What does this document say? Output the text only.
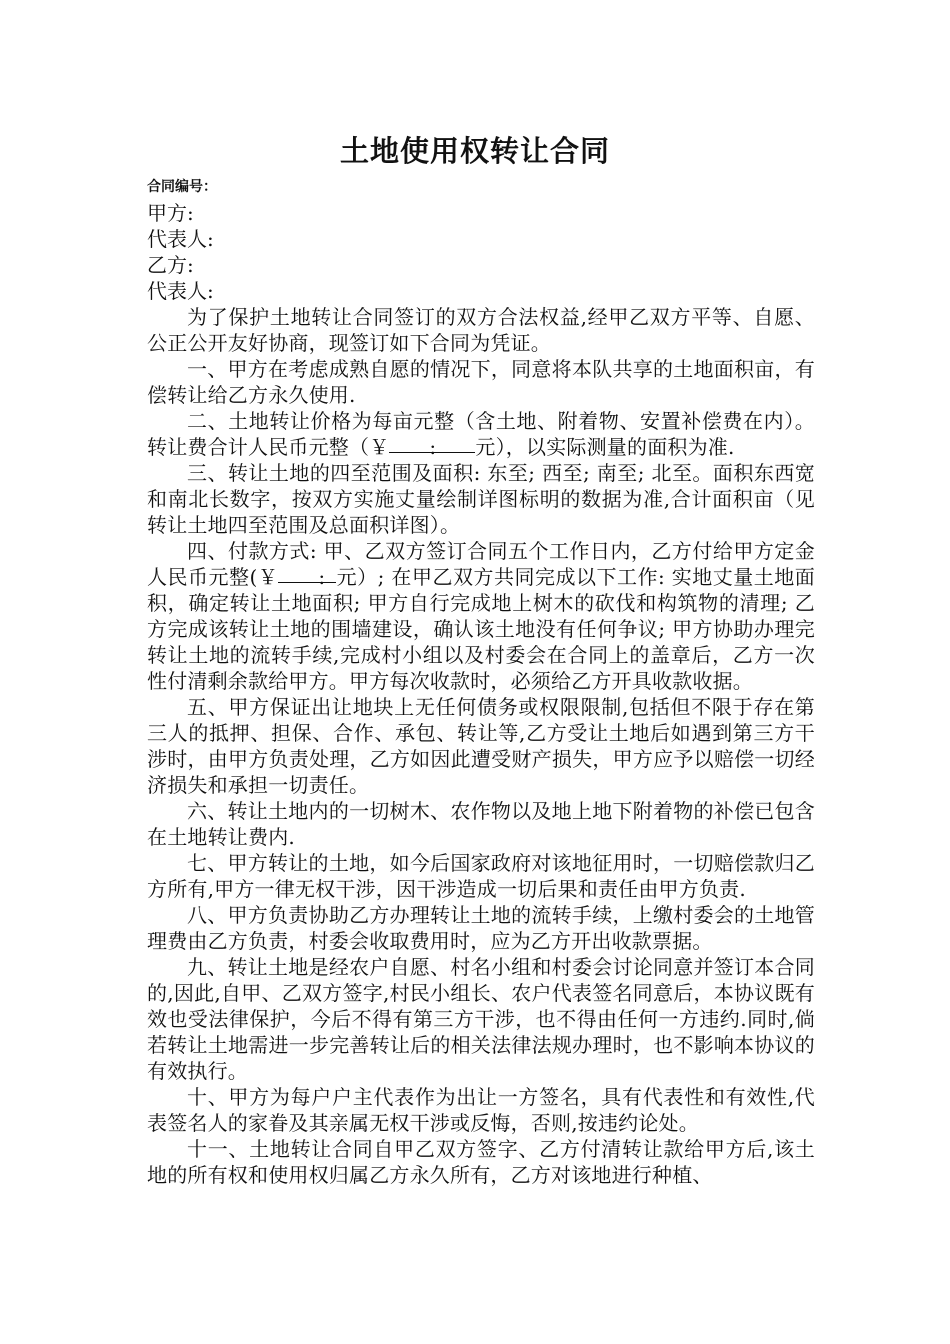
土地使用权转让合同
合同编号：

甲方:

代表人:

乙方:

代表人:

为了保护土地转让合同签订的双方合法权益,经甲乙双方平等、自愿、公正公开友好协商，现签订如下合同为凭证。

一、甲方在考虑成熟自愿的情况下，同意将本队共享的土地面积亩，有偿转让给乙方永久使用.

二、土地转让价格为每亩元整（含土地、附着物、安置补偿费在内）。转让费合计人民币元整（￥ : 元），以实际测量的面积为准.

三、转让土地的四至范围及面积: 东至; 西至; 南至; 北至。面积东西宽和南北长数字，按双方实施丈量绘制详图标明的数据为准,合计面积亩（见转让土地四至范围及总面积详图）。

四、付款方式: 甲、乙双方签订合同五个工作日内，乙方付给甲方定金人民币元整(￥ : 元）; 在甲乙双方共同完成以下工作: 实地丈量土地面积，确定转让土地面积; 甲方自行完成地上树木的砍伐和构筑物的清理; 乙方完成该转让土地的围墙建设，确认该土地没有任何争议; 甲方协助办理完转让土地的流转手续,完成村小组以及村委会在合同上的盖章后，乙方一次性付清剩余款给甲方。甲方每次收款时，必须给乙方开具收款收据。

五、甲方保证出让地块上无任何债务或权限限制,包括但不限于存在第三人的抵押、担保、合作、承包、转让等,乙方受让土地后如遇到第三方干涉时，由甲方负责处理，乙方如因此遭受财产损失，甲方应予以赔偿一切经济损失和承担一切责任。

六、转让土地内的一切树木、农作物以及地上地下附着物的补偿已包含在土地转让费内.

七、甲方转让的土地，如今后国家政府对该地征用时，一切赔偿款归乙方所有,甲方一律无权干涉，因干涉造成一切后果和责任由甲方负责.

八、甲方负责协助乙方办理转让土地的流转手续，上缴村委会的土地管理费由乙方负责，村委会收取费用时，应为乙方开出收款票据。

九、转让土地是经农户自愿、村名小组和村委会讨论同意并签订本合同的,因此,自甲、乙双方签字,村民小组长、农户代表签名同意后，本协议既有效也受法律保护，今后不得有第三方干涉，也不得由任何一方违约.同时,倘若转让土地需进一步完善转让后的相关法律法规办理时，也不影响本协议的有效执行。

十、甲方为每户户主代表作为出让一方签名，具有代表性和有效性,代表签名人的家眷及其亲属无权干涉或反悔，否则,按违约论处。

十一、土地转让合同自甲乙双方签字、乙方付清转让款给甲方后,该土地的所有权和使用权归属乙方永久所有，乙方对该地进行种植、
